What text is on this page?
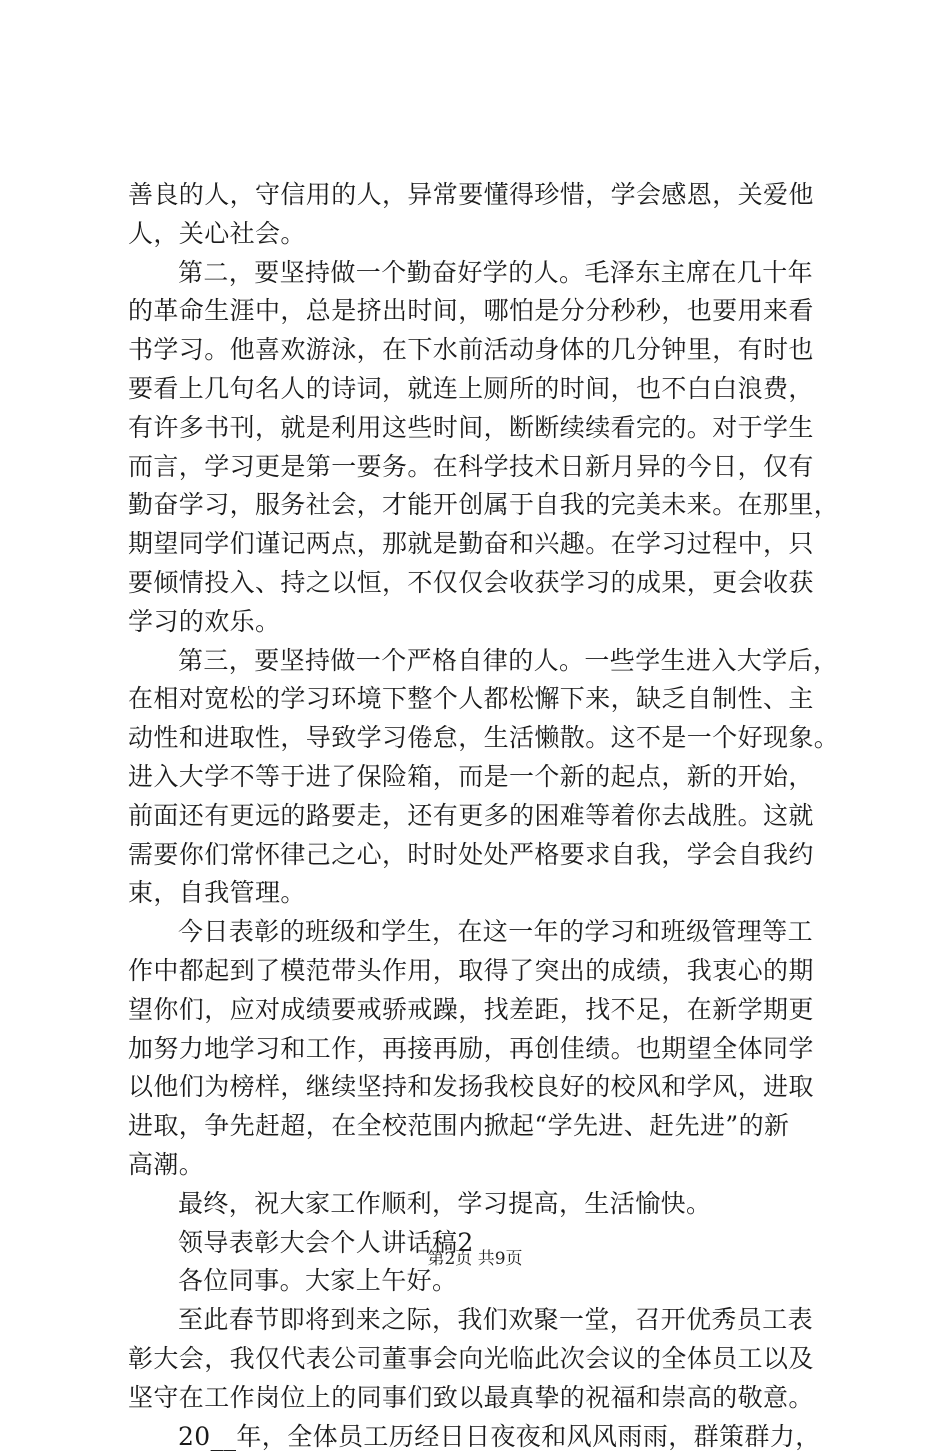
善良的人，守信用的人，异常要懂得珍惜，学会感恩，关爱他
人，关心社会。
第二，要坚持做一个勤奋好学的人。毛泽东主席在几十年
的革命生涯中，总是挤出时间，哪怕是分分秒秒，也要用来看
书学习。他喜欢游泳，在下水前活动身体的几分钟里，有时也
要看上几句名人的诗词，就连上厕所的时间，也不白白浪费，
有许多书刊，就是利用这些时间，断断续续看完的。对于学生
而言，学习更是第一要务。在科学技术日新月异的今日，仅有
勤奋学习，服务社会，才能开创属于自我的完美未来。在那里，
期望同学们谨记两点，那就是勤奋和兴趣。在学习过程中，只
要倾情投入、持之以恒，不仅仅会收获学习的成果，更会收获
学习的欢乐。
第三，要坚持做一个严格自律的人。一些学生进入大学后，
在相对宽松的学习环境下整个人都松懈下来，缺乏自制性、主
动性和进取性，导致学习倦怠，生活懒散。这不是一个好现象。
进入大学不等于进了保险箱，而是一个新的起点，新的开始，
前面还有更远的路要走，还有更多的困难等着你去战胜。这就
需要你们常怀律己之心，时时处处严格要求自我，学会自我约
束，自我管理。
今日表彰的班级和学生，在这一年的学习和班级管理等工
作中都起到了模范带头作用，取得了突出的成绩，我衷心的期
望你们，应对成绩要戒骄戒躁，找差距，找不足，在新学期更
加努力地学习和工作，再接再励，再创佳绩。也期望全体同学
以他们为榜样，继续坚持和发扬我校良好的校风和学风，进取
进取，争先赶超，在全校范围内掀起“学先进、赶先进”的新
高潮。
最终，祝大家工作顺利，学习提高，生活愉快。
领导表彰大会个人讲话稿2
各位同事。大家上午好。
至此春节即将到来之际，我们欢聚一堂，召开优秀员工表
彰大会，我仅代表公司董事会向光临此次会议的全体员工以及
坚守在工作岗位上的同事们致以最真挚的祝福和崇高的敬意。
20__年，全体员工历经日日夜夜和风风雨雨，群策群力，
第2页 共9页
